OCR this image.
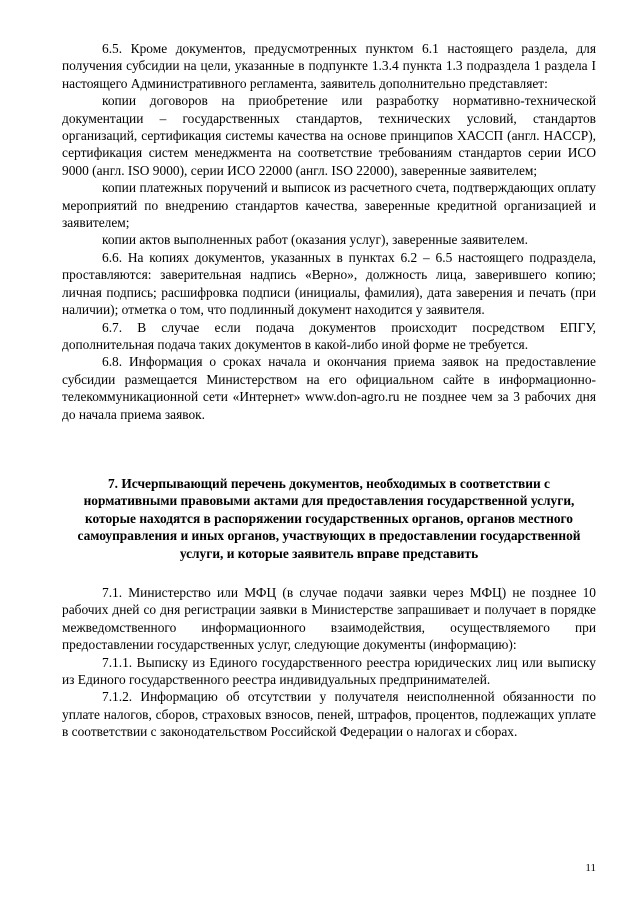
6.5. Кроме документов, предусмотренных пунктом 6.1 настоящего раздела, для получения субсидии на цели, указанные в подпункте 1.3.4 пункта 1.3 подраздела 1 раздела I настоящего Административного регламента, заявитель дополнительно представляет:

копии договоров на приобретение или разработку нормативно-технической документации – государственных стандартов, технических условий, стандартов организаций, сертификация системы качества на основе принципов ХАССП (англ. HACCP), сертификация систем менеджмента на соответствие требованиям стандартов серии ИСО 9000 (англ. ISO 9000), серии ИСО 22000 (англ. ISO 22000), заверенные заявителем;

копии платежных поручений и выписок из расчетного счета, подтверждающих оплату мероприятий по внедрению стандартов качества, заверенные кредитной организацией и заявителем;

копии актов выполненных работ (оказания услуг), заверенные заявителем.

6.6. На копиях документов, указанных в пунктах 6.2 – 6.5 настоящего подраздела, проставляются: заверительная надпись «Верно», должность лица, заверившего копию; личная подпись; расшифровка подписи (инициалы, фамилия), дата заверения и печать (при наличии); отметка о том, что подлинный документ находится у заявителя.

6.7. В случае если подача документов происходит посредством ЕПГУ, дополнительная подача таких документов в какой-либо иной форме не требуется.

6.8. Информация о сроках начала и окончания приема заявок на предоставление субсидии размещается Министерством на его официальном сайте в информационно-телекоммуникационной сети «Интернет» www.don-agro.ru не позднее чем за 3 рабочих дня до начала приема заявок.

7. Исчерпывающий перечень документов, необходимых в соответствии с нормативными правовыми актами для предоставления государственной услуги, которые находятся в распоряжении государственных органов, органов местного самоуправления и иных органов, участвующих в предоставлении государственной услуги, и которые заявитель вправе представить

7.1. Министерство или МФЦ (в случае подачи заявки через МФЦ) не позднее 10 рабочих дней со дня регистрации заявки в Министерстве запрашивает и получает в порядке межведомственного информационного взаимодействия, осуществляемого при предоставлении государственных услуг, следующие документы (информацию):

7.1.1. Выписку из Единого государственного реестра юридических лиц или выписку из Единого государственного реестра индивидуальных предпринимателей.

7.1.2. Информацию об отсутствии у получателя неисполненной обязанности по уплате налогов, сборов, страховых взносов, пеней, штрафов, процентов, подлежащих уплате в соответствии с законодательством Российской Федерации о налогах и сборах.

11
